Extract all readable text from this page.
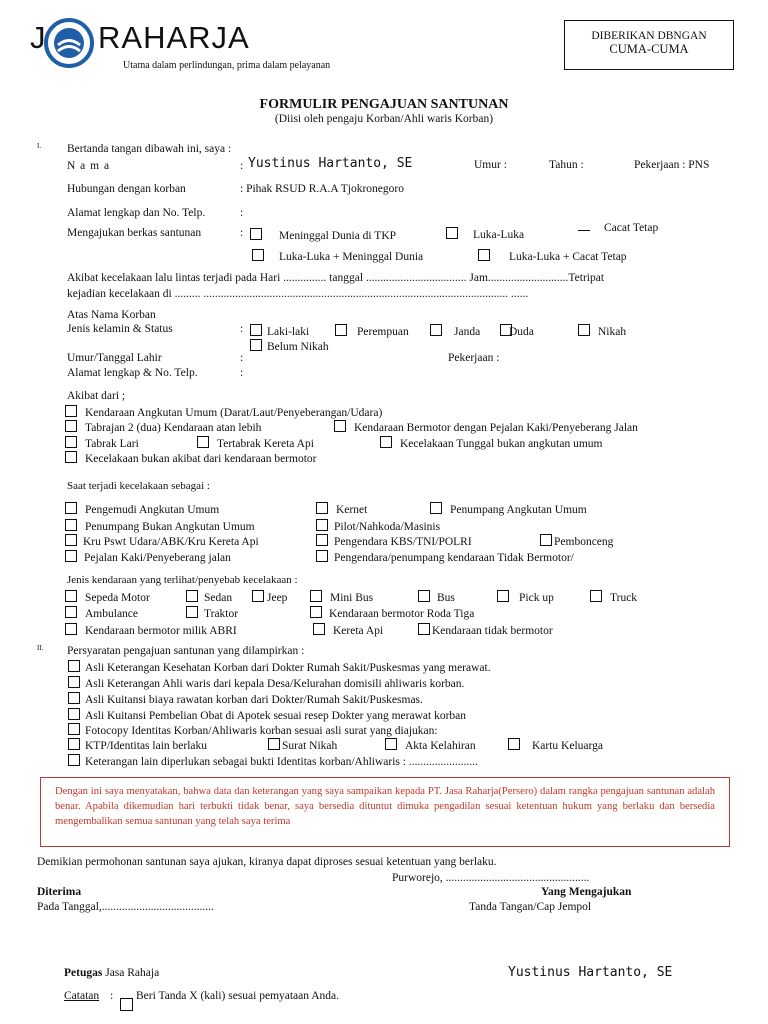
J RAHARJA
Utama dalam perlindungan, prima dalam pelayanan
DIBERIKAN DBNGAN
CUMA-CUMA
FORMULIR PENGAJUAN SANTUNAN
(Diisi oleh pengaju Korban/Ahli waris Korban)
I. Bertanda tangan dibawah ini, saya :
N a m a	: Yustinus Hartanto, SE	Umur :	Tahun :	Pekerjaan : PNS
Hubungan dengan korban	: Pihak RSUD R.A.A Tjokronegoro
Alamat lengkap dan No. Telp.	:
Mengajukan berkas santunan	:	Meninggal Dunia di TKP	Luka-Luka
Cacat Tetap
Luka-Luka + Meninggal Dunia	Luka-Luka + Cacat Tetap
Akibat kecelakaan lalu lintas terjadi pada Hari ............... tanggal ................................... Jam............................Tetripat
kejadian kecelakaan di ......... .......................................................................................................... ......
Atas Nama Korban
Jenis kelamin & Status	:	Laki-laki	Perempuan	Janda	Duda	Nikah
Belum Nikah
Umur/Tanggal Lahir	:	Pekerjaan :
Alamat lengkap & No. Telp.	:
Akibat dari ;
Kendaraan Angkutan Umum (Darat/Laut/Penyeberangan/Udara)
Tabrajan 2 (dua) Kendaraan atan lebih	Kendaraan Bermotor dengan Pejalan Kaki/Penyeberang Jalan
Tabrak Lari	Tertabrak Kereta Api	Kecelakaan Tunggal bukan angkutan umum
Kecelakaan bukan akibat dari kendaraan bermotor
Saat terjadi kecelakaan sebagai :
Pengemudi Angkutan Umum	Kernet	Penumpang Angkutan Umum
Penumpang Bukan Angkutan Umum	Pilot/Nahkoda/Masinis
Kru Pswt Udara/ABK/Kru Kereta Api	Pengendara KBS/TNI/POLRI	Pembonceng
Pejalan Kaki/Penyeberang jalan	Pengendara/penumpang kendaraan Tidak Bermotor/
Jenis kendaraan yang terlihat/penyebab kecelakaan :
Sepeda Motor	Sedan	Jeep	Mini Bus	Bus	Pick up	Truck
Ambulance	Traktor	Kendaraan bermotor Roda Tiga
Kendaraan bermotor milik ABRI	Kereta Api	Kendaraan tidak bermotor
II. Persyaratan pengajuan santunan yang dilampirkan :
Asli Keterangan Kesehatan Korban dari Dokter Rumah Sakit/Puskesmas yang merawat.
Asli Keterangan Ahli waris dari kepala Desa/Kelurahan domisili ahliwaris korban.
Asli Kuitansi biaya rawatan korban dari Dokter/Rumah Sakit/Puskesmas.
Asli Kuitansi Pembelian Obat di Apotek sesuai resep Dokter yang merawat korban
Fotocopy Identitas Korban/Ahliwaris korban sesuai asli surat yang diajukan:
KTP/Identitas lain berlaku	Surat Nikah	Akta Kelahiran	Kartu Keluarga
Keterangan lain diperlukan sebagai bukti Identitas korban/Ahliwaris : ........................

Dengan ini saya menyatakan, bahwa data dan keterangan yang saya sampaikan kepada PT. Jasa Raharja(Persero) dalam rangka pengajuan santunan adalah benar. Apabila dikemudian hari terbukti tidak benar, saya bersedia dituntut dimuka pengadilan sesuai ketentuan hukum yang berlaku dan bersedia mengembalikan semua santunan yang telah saya terima

Demikian permohonan santunan saya ajukan, kiranya dapat diproses sesuai ketentuan yang berlaku.
Purworejo, ..................................................
Diterima	Yang Mengajukan
Pada Tanggal,.......................................	Tanda Tangan/Cap Jempol
Petugas Jasa Rahaja	Yustinus Hartanto, SE
Catatan : Beri Tanda X (kali) sesuai pemyataan Anda.
